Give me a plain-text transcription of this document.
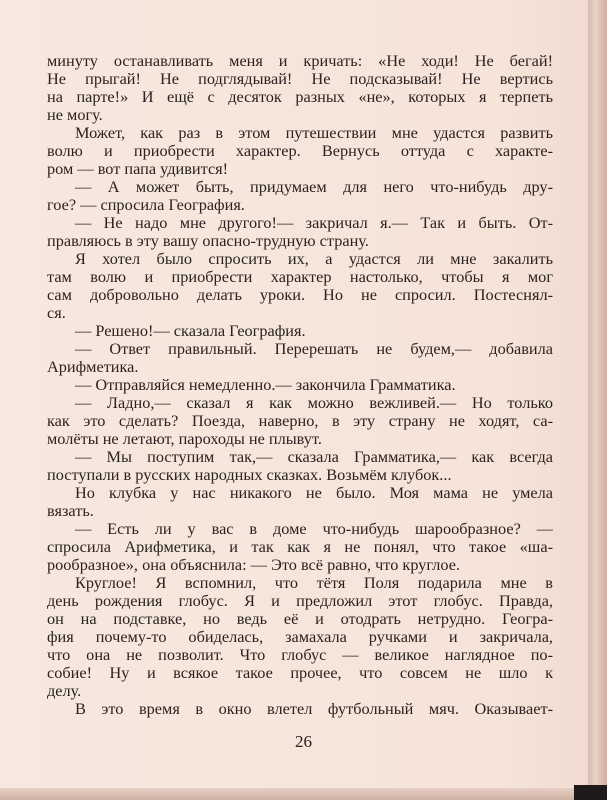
минуту останавливать меня и кричать: «Не ходи! Не бегай!
Не прыгай! Не подглядывай! Не подсказывай! Не вертись
на парте!» И ещё с десяток разных «не», которых я терпеть
не могу.
Может, как раз в этом путешествии мне удастся развить
волю и приобрести характер. Вернусь оттуда с характе-
ром — вот папа удивится!
— А может быть, придумаем для него что-нибудь дру-
гое? — спросила География.
— Не надо мне другого!— закричал я.— Так и быть. От-
правляюсь в эту вашу опасно-трудную страну.
Я хотел было спросить их, а удастся ли мне закалить
там волю и приобрести характер настолько, чтобы я мог
сам добровольно делать уроки. Но не спросил. Постеснял-
ся.
— Решено!— сказала География.
— Ответ правильный. Перерешать не будем,— добавила
Арифметика.
— Отправляйся немедленно.— закончила Грамматика.
— Ладно,— сказал я как можно вежливей.— Но только
как это сделать? Поезда, наверно, в эту страну не ходят, са-
молёты не летают, пароходы не плывут.
— Мы поступим так,— сказала Грамматика,— как всегда
поступали в русских народных сказках. Возьмём клубок...
Но клубка у нас никакого не было. Моя мама не умела
вязать.
— Есть ли у вас в доме что-нибудь шарообразное? —
спросила Арифметика, и так как я не понял, что такое «ша-
рообразное», она объяснила: — Это всё равно, что круглое.
Круглое! Я вспомнил, что тётя Поля подарила мне в
день рождения глобус. Я и предложил этот глобус. Правда,
он на подставке, но ведь её и отодрать нетрудно. Геогра-
фия почему-то обиделась, замахала ручками и закричала,
что она не позволит. Что глобус — великое наглядное по-
собие! Ну и всякое такое прочее, что совсем не шло к
делу.
В это время в окно влетел футбольный мяч. Оказывает-
26
